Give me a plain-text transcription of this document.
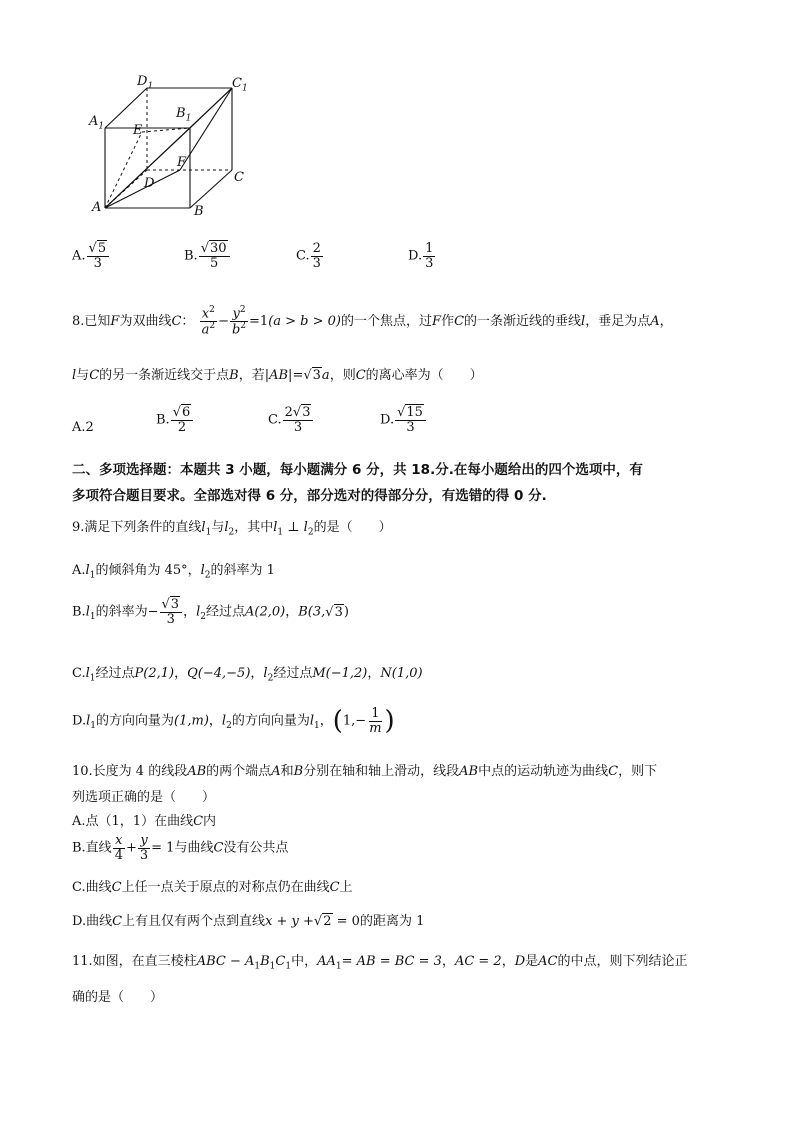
$D_1$	$C_1$
$A_1$
$B_1$
E
F
D	C
A	B
A. √ $\frac{5}{3}$	B. √ $\frac{30}{5}$	C. $\frac{2}{3}$	D. $\frac{1}{3}$
8.已知F为双曲线C： $\frac{x^2}{a^2} - \frac{y^2}{b^2} =1(a > b > 0)$的一个焦点，过F作C的一条渐近线的垂线l，垂足为点A，
l与C的另一条渐近线交于点B，若|AB|= √ 3a，则C的离心率为（　　）
A.2	B. √ $\frac{6}{2}$	C. $\frac{2 √ 3}{3}$	D. √ $\frac{15}{3}$
二、多项选择题：本题共 3 小题，每小题满分 6 分，共 18.分.在每小题给出的四个选项中，有
多项符合题目要求。全部选对得 6 分，部分选对的得部分分，有选错的得 0 分.
9.满足下列条件的直线$l_1$与$l_2$，其中$l_1$ ⊥ $l_2$的是（　　）
$A.l_1$的倾斜角为 45°，$l_2$的斜率为 1
$B.l_1$的斜率为− √ $\frac{3}{3}$ ，$l_2$经过点A(2,0)，B(3, √ 3)
$C.l_1$经过点P(2,1)，Q(−4,−5)，$l_2$经过点M(−1,2)，N(1,0)
$D.l_1$的方向向量为(1,m)，$l_2$的方向向量为$l_1$，($1,- \frac{1}{m}$ )
10.长度为 4 的线段AB的两个端点A和B分别在轴和轴上滑动，线段AB中点的运动轨迹为曲线C，则下
列选项正确的是（　　）
A.点（1，1）在曲线C内
B.直线 $\frac{x}{4} + \frac{y}{3} = 1$与曲线C没有公共点
C.曲线C上任一点关于原点的对称点仍在曲线C上
D.曲线C上有且仅有两个点到直线x + y + √ 2 = 0的距离为 1
11.如图，在直三棱柱ABC − $A_1B_1C_1$中，$AA_1=$ AB = BC = 3，AC = 2，D是AC的中点，则下列结论正
确的是（　　）
